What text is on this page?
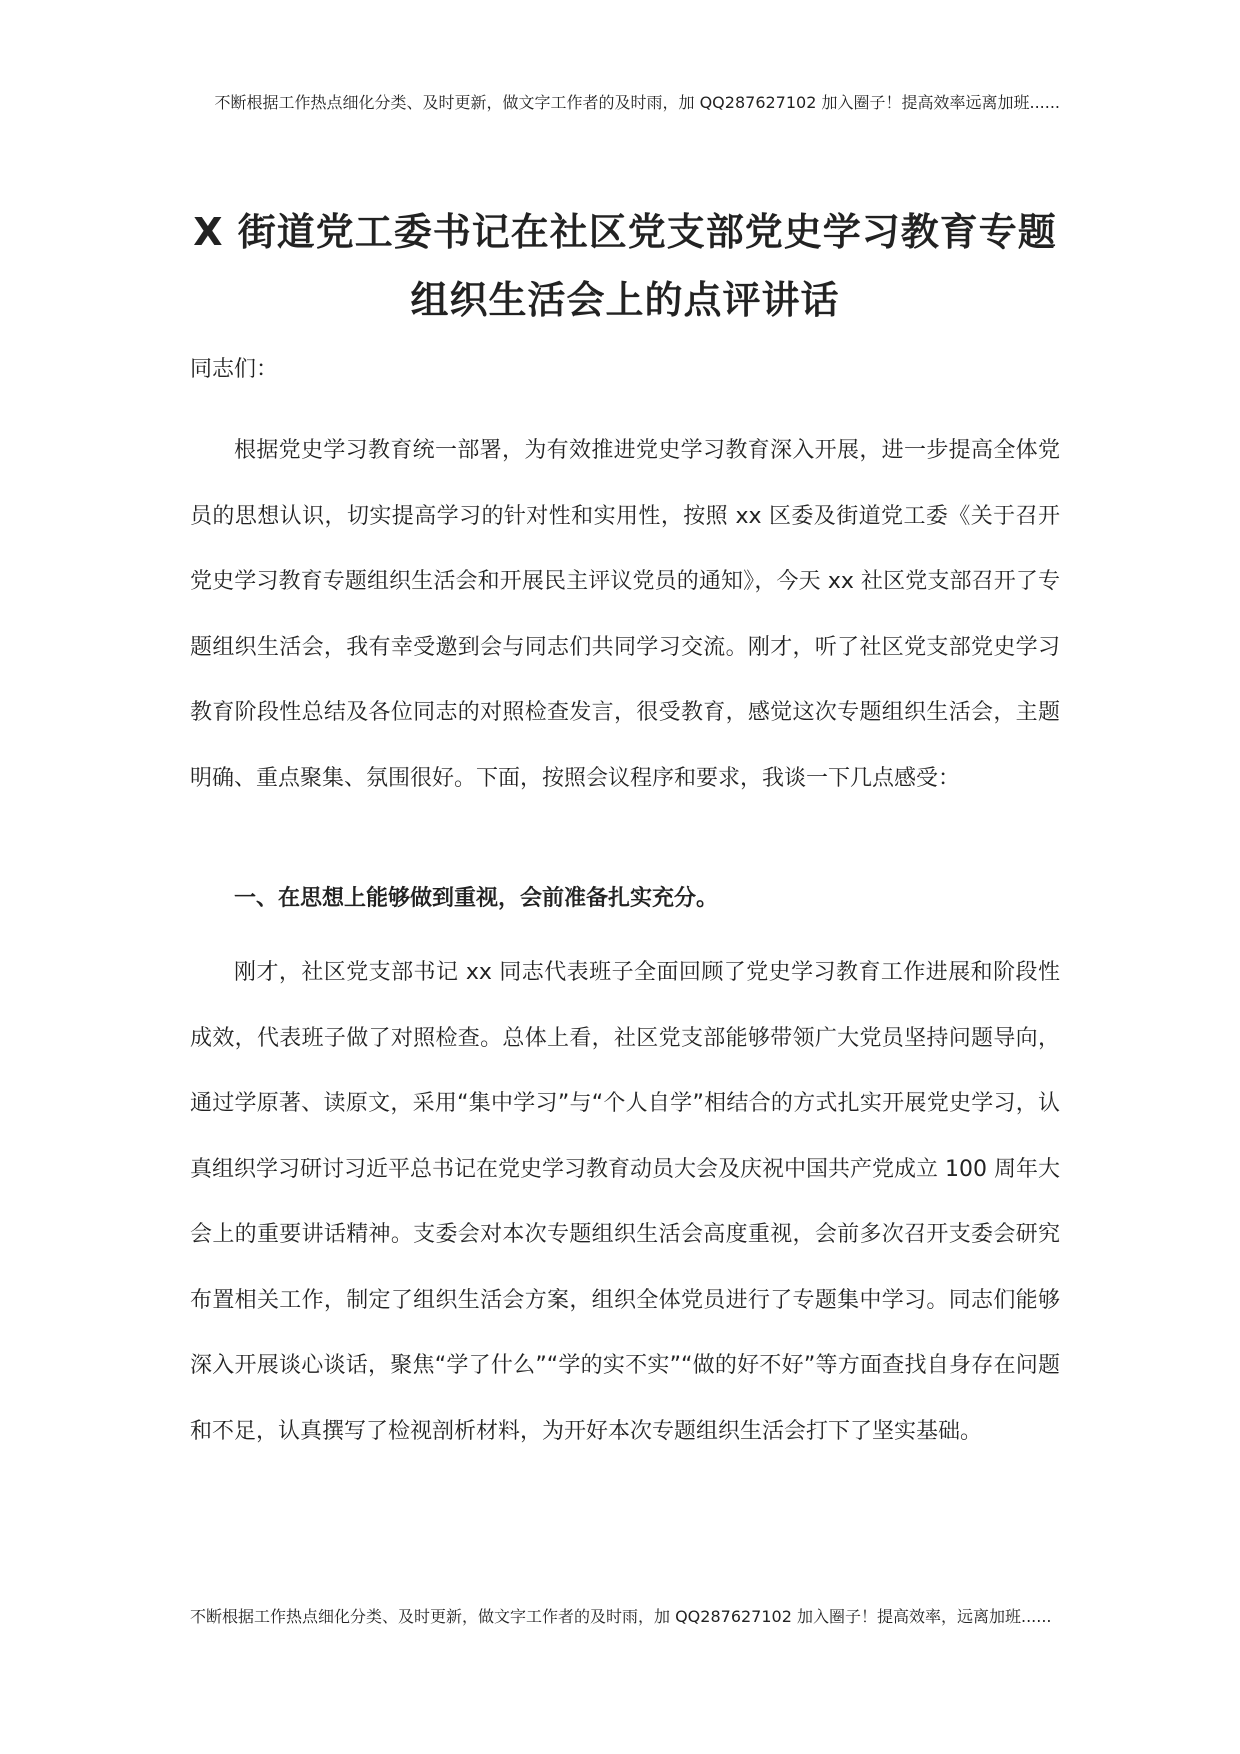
不断根据工作热点细化分类、及时更新，做文字工作者的及时雨，加 QQ287627102 加入圈子！提高效率远离加班......
X 街道党工委书记在社区党支部党史学习教育专题组织生活会上的点评讲话
同志们：

根据党史学习教育统一部署，为有效推进党史学习教育深入开展，进一步提高全体党员的思想认识，切实提高学习的针对性和实用性，按照 xx 区委及街道党工委《关于召开党史学习教育专题组织生活会和开展民主评议党员的通知》，今天 xx 社区党支部召开了专题组织生活会，我有幸受邀到会与同志们共同学习交流。刚才，听了社区党支部党史学习教育阶段性总结及各位同志的对照检查发言，很受教育，感觉这次专题组织生活会，主题明确、重点聚集、氛围很好。下面，按照会议程序和要求，我谈一下几点感受：

一、在思想上能够做到重视，会前准备扎实充分。

刚才，社区党支部书记 xx 同志代表班子全面回顾了党史学习教育工作进展和阶段性成效，代表班子做了对照检查。总体上看，社区党支部能够带领广大党员坚持问题导向，通过学原著、读原文，采用“集中学习”与“个人自学”相结合的方式扎实开展党史学习，认真组织学习研讨习近平总书记在党史学习教育动员大会及庆祝中国共产党成立 100 周年大会上的重要讲话精神。支委会对本次专题组织生活会高度重视，会前多次召开支委会研究布置相关工作，制定了组织生活会方案，组织全体党员进行了专题集中学习。同志们能够深入开展谈心谈话，聚焦“学了什么”“学的实不实”“做的好不好”等方面查找自身存在问题和不足，认真撰写了检视剖析材料，为开好本次专题组织生活会打下了坚实基础。

不断根据工作热点细化分类、及时更新，做文字工作者的及时雨，加 QQ287627102 加入圈子！提高效率，远离加班......
